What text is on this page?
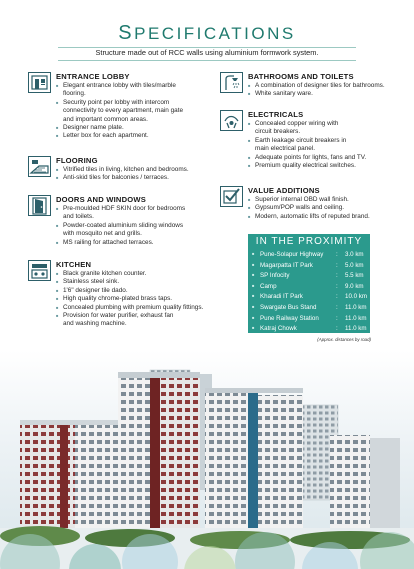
SPECIFICATIONS
Structure made out of RCC walls using aluminium formwork system.
ENTRANCE LOBBY
■ Elegant entrance lobby with tiles/marble
flooring.
■ Security point per lobby with intercom
connectivity to every apartment, main gate
and important common areas.
■ Designer name plate.
■ Letter box for each apartment.
FLOORING
■ Vitrified tiles in living, kitchen and bedrooms.
■ Anti-skid tiles for balconies / terraces.
DOORS AND WINDOWS
■ Pre-moulded HDF SKIN door for bedrooms
and toilets.
■ Powder-coated aluminium sliding windows
with mosquito net and grills.
■ MS railing for attached terraces.
KITCHEN
■ Black granite kitchen counter.
■ Stainless steel sink.
■ 1'6" designer tile dado.
■ High quality chrome-plated brass taps.
■ Concealed plumbing with premium quality fittings.
■ Provision for water purifier, exhaust fan
and washing machine.
BATHROOMS AND TOILETS
■ A combination of designer tiles for bathrooms.
■ White sanitary ware.
ELECTRICALS
■ Concealed copper wiring with
circuit breakers.
■ Earth leakage circuit breakers in
main electrical panel.
■ Adequate points for lights, fans and TV.
■ Premium quality electrical switches.
VALUE ADDITIONS
■ Superior internal OBD wall finish.
■ Gypsum/POP walls and ceiling.
■ Modern, automatic lifts of reputed brand.
IN THE PROXIMITY
■ Pune-Solapur Highway : 3.0 km
■ Magarpatta IT Park	: 5.0 km
■ SP Infocity	: 5.5 km
■ Camp	: 9.0 km
■ Kharadi IT Park	: 10.0 km
■ Swargate Bus Stand	: 11.0 km
■ Pune Railway Station	: 11.0 km
■ Katraj Chowk	: 11.0 km
(Approx. distances by road)
